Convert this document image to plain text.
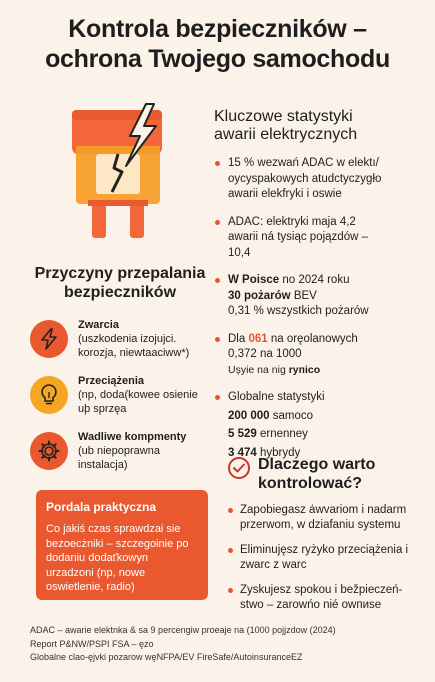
Kontrola bezpieczników –
ochrona Twojego samochodu
Kluczowe statystyki
awarii elektrycznych
15 % wezwań ADAC w elektı/
oycyspakowych atudctyczygło
awarii elekfryki i oswie
ADAC: elektryki maja 4,2
awarii ná tysiąc pojązdów –
10,4
W Poisce no 2024 roku
30 pożarów BEV
0,31 % wszystkich pożarów
Dla 061 na oręolanowych
0,372 na 1000
Ușyie na nig rупісо
Globalne statystyki
200 000 samoco
5 529 ernenney
3 474 hybrydy
Przyczyny przepalania
bezpieczników
Zwarcia
(uszkodenia izojujci. korozja, niewtaaciww*)
Przeciążenia
(np, doda(kowee osienie uþ sprzęa
Wadliwe kompmenty
(ub niepoprawna instalacja)
Pordala praktyczna
Co jakiś czas sprawdzai sie bezoecżniki – szczegoinie po dodaniu dodaťkowyn urzadzoni (np, nowe oswietlenie, radio)
Dlaczego warto
kontrolować?
Zapobiegasz ẚwvariom i nadarm przerwom, w dziafaniu systemu
Eliminujęsz ryżyko przeciążenia i zwarc z warc
Zyskujesz spokou i bežpieczeń- stwo – zarowńo nié owпиѕе
ADAC – awarie elektnka & sa 9 percengiw proeaje na (1000 pojjzdow (2024)
Report P&NW/PSPI FSA – ęzo
Globalne clao-ęjvki pozarow węNFPA/EV FireSafe/AutoinsuranceEZ
